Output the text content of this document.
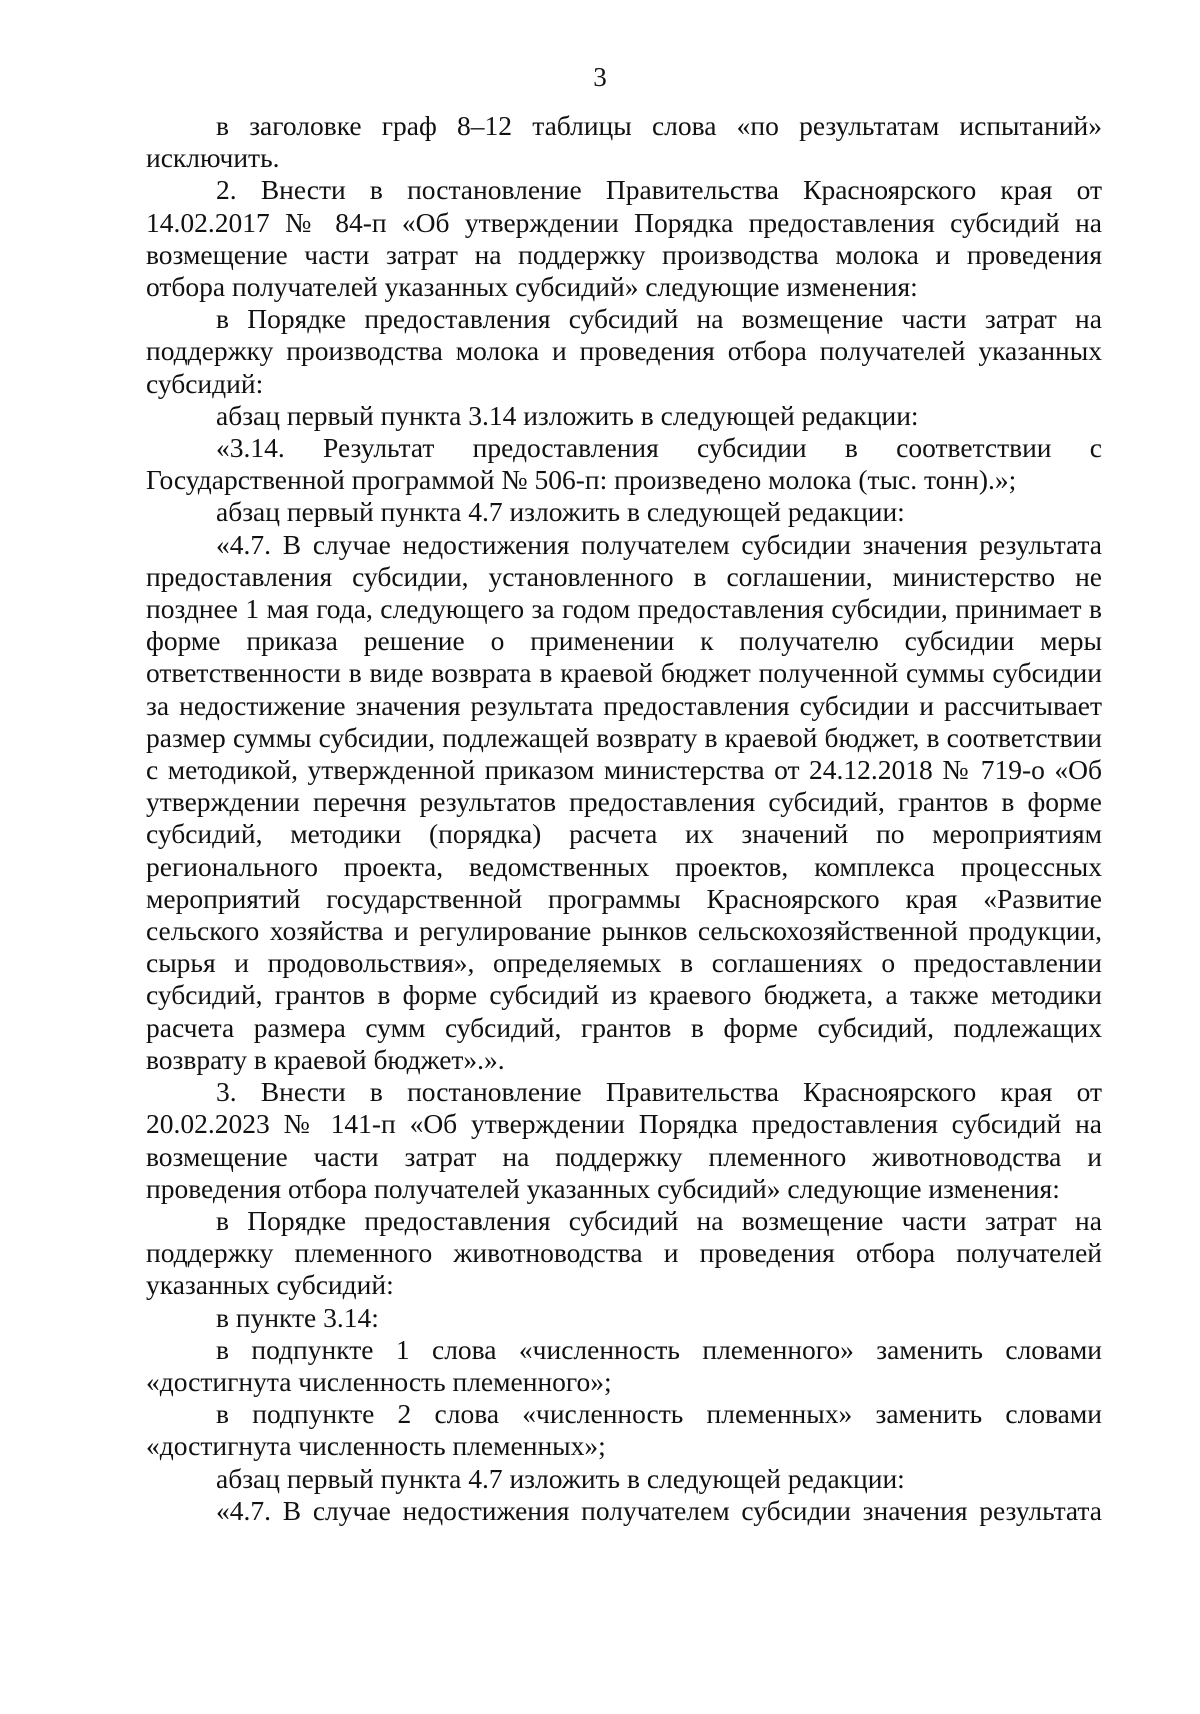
3

в заголовке граф 8–12 таблицы слова «по результатам испытаний» исключить.

2. Внести в постановление Правительства Красноярского края от 14.02.2017 № 84-п «Об утверждении Порядка предоставления субсидий на возмещение части затрат на поддержку производства молока и проведения отбора получателей указанных субсидий» следующие изменения:

в Порядке предоставления субсидий на возмещение части затрат на поддержку производства молока и проведения отбора получателей указанных субсидий:

абзац первый пункта 3.14 изложить в следующей редакции:

«3.14. Результат предоставления субсидии в соответствии с Государственной программой № 506-п: произведено молока (тыс. тонн).»;

абзац первый пункта 4.7 изложить в следующей редакции:

«4.7. В случае недостижения получателем субсидии значения результата предоставления субсидии, установленного в соглашении, министерство не позднее 1 мая года, следующего за годом предоставления субсидии, принимает в форме приказа решение о применении к получателю субсидии меры ответственности в виде возврата в краевой бюджет полученной суммы субсидии за недостижение значения результата предоставления субсидии и рассчитывает размер суммы субсидии, подлежащей возврату в краевой бюджет, в соответствии с методикой, утвержденной приказом министерства от 24.12.2018 № 719-о «Об утверждении перечня результатов предоставления субсидий, грантов в форме субсидий, методики (порядка) расчета их значений по мероприятиям регионального проекта, ведомственных проектов, комплекса процессных мероприятий государственной программы Красноярского края «Развитие сельского хозяйства и регулирование рынков сельскохозяйственной продукции, сырья и продовольствия», определяемых в соглашениях о предоставлении субсидий, грантов в форме субсидий из краевого бюджета, а также методики расчета размера сумм субсидий, грантов в форме субсидий, подлежащих возврату в краевой бюджет».».

3. Внести в постановление Правительства Красноярского края от 20.02.2023 № 141-п «Об утверждении Порядка предоставления субсидий на возмещение части затрат на поддержку племенного животноводства и проведения отбора получателей указанных субсидий» следующие изменения:

в Порядке предоставления субсидий на возмещение части затрат на поддержку племенного животноводства и проведения отбора получателей указанных субсидий:

в пункте 3.14:

в подпункте 1 слова «численность племенного» заменить словами «достигнута численность племенного»;

в подпункте 2 слова «численность племенных» заменить словами «достигнута численность племенных»;

абзац первый пункта 4.7 изложить в следующей редакции:

«4.7. В случае недостижения получателем субсидии значения результата
